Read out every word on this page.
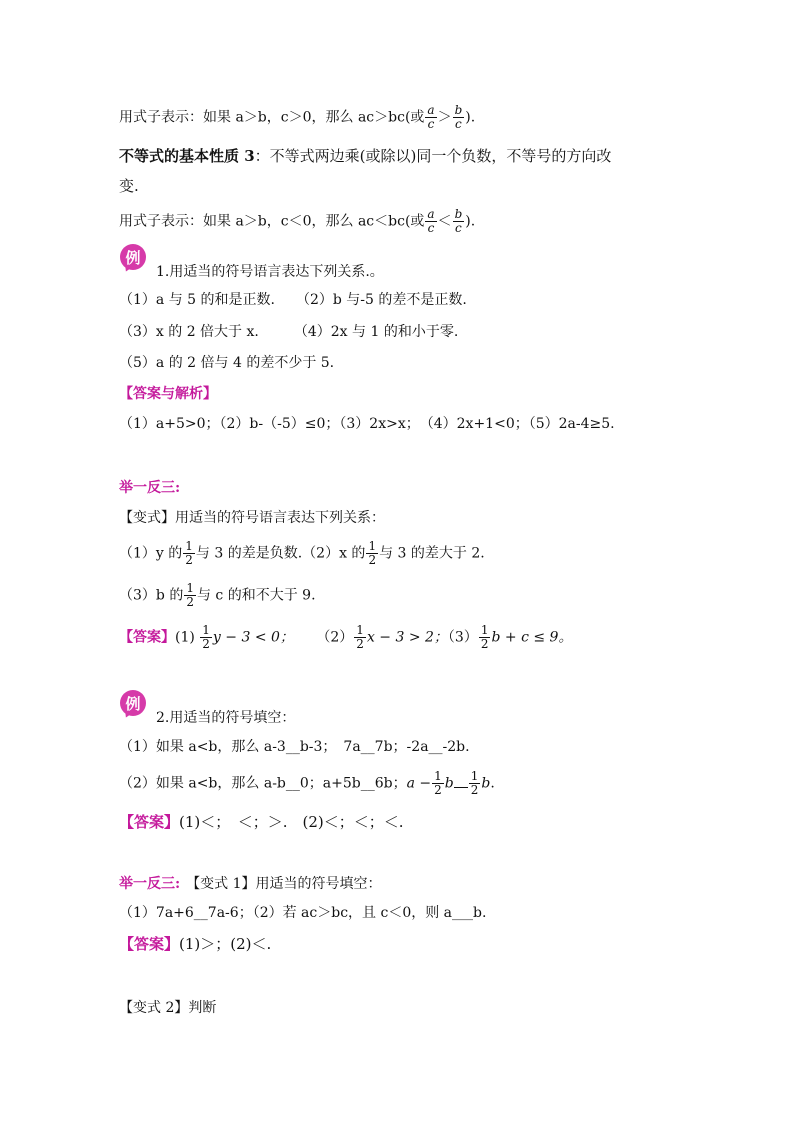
用式子表示：如果 a＞b，c＞0，那么 ac＞bc(或 $\frac{a}{c} > \frac{b}{c}$ ).
不等式的基本性质 3：不等式两边乘(或除以)同一个负数，不等号的方向改
变.
用式子表示：如果 a＞b，c＜0，那么 ac＜bc(或 $\frac{a}{c} < \frac{b}{c}$ ).
例
1.用适当的符号语言表达下列关系.。
（1）a 与 5 的和是正数.　　（2）b 与-5 的差不是正数.
（3）x 的 2 倍大于 x.　　　（4）2x 与 1 的和小于零.
（5）a 的 2 倍与 4 的差不少于 5.
【答案与解析】
（1）a+5>0；（2）b-（-5）≤0；（3）2x>x；　（4）2x+1<0；（5）2a-4≥5.
举一反三:
【变式】用适当的符号语言表达下列关系：
（1）y 的 $\frac{1}{2}$ 与 3 的差是负数.（2）x 的 $\frac{1}{2}$ 与 3 的差大于 2.
（3）b 的 $\frac{1}{2}$ 与 c 的和不大于 9.
【答案】$(1) \frac{1}{2}$ y − 3 < 0； $(2) \frac{1}{2}$ x − 3 > 2；$(3) \frac{1}{2}$ b + c ≤ 9。
例
2.用适当的符号填空：
（1）如果 a<b，那么 a-3__b-3；　7a__7b；-2a__-2b.
（2）如果 a<b，那么 a-b__0；a+5b__6b；$a - \frac{1}{2}$ b $\frac{1}{2} b$.
【答案】(1)＜；　＜；＞.　(2)＜；＜；＜.
举一反三: 【变式 1】用适当的符号填空：
（1）7a+6__7a-6；（2）若 ac＞bc，且 c＜0，则 a___b.
【答案】(1)＞；(2)＜.
【变式 2】判断
